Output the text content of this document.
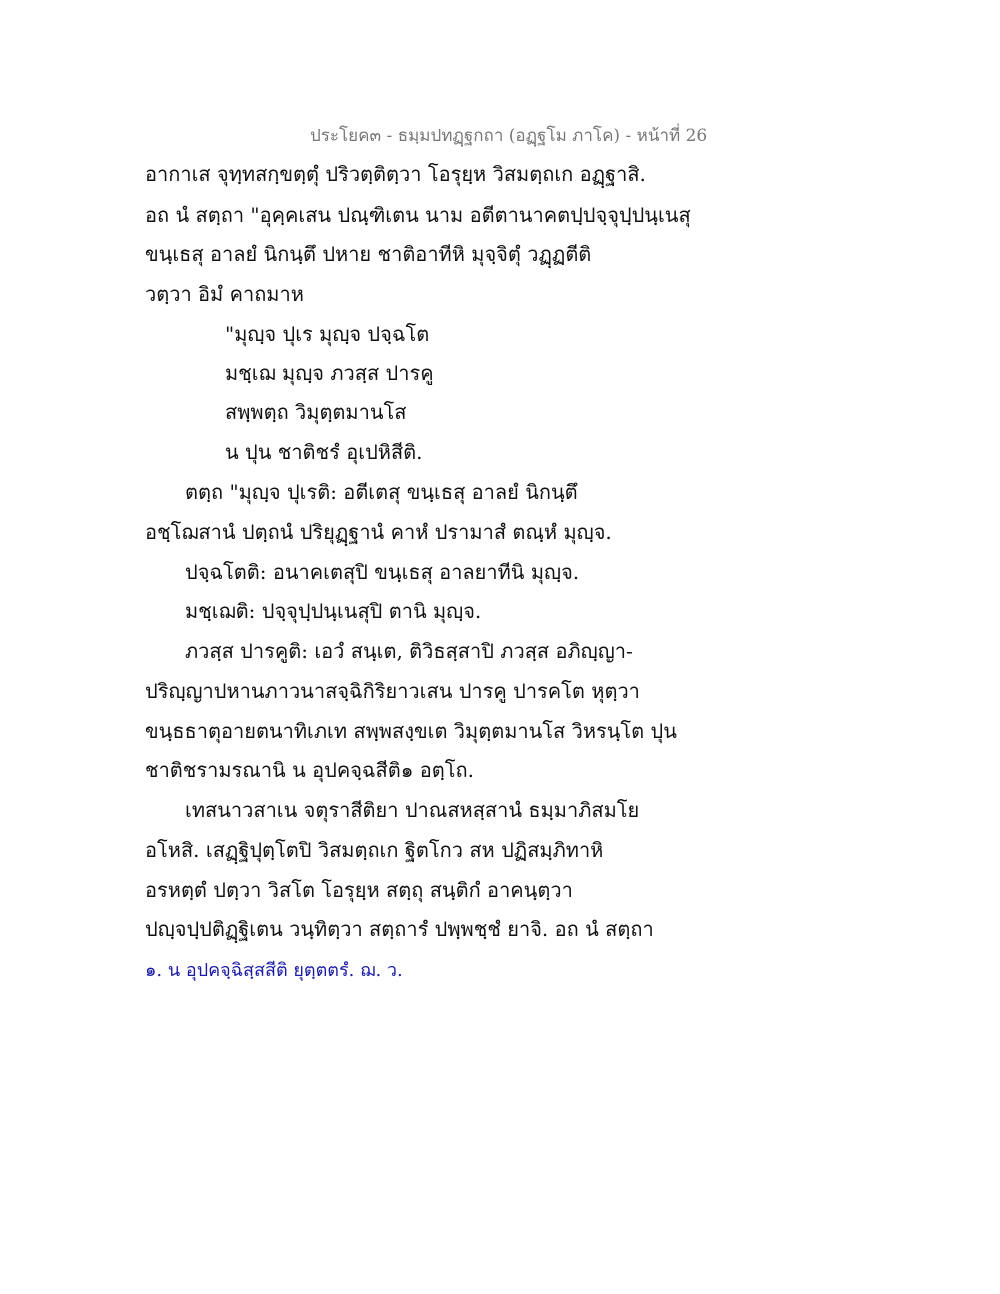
ประโยค๓ - ธมฺมปทฏฺฐกถา (อฏฺฐโม ภาโค) - หน้าที่ 26
อากาเส จุทฺทสกฺขตฺตุํ ปริวตฺติตฺวา โอรุยฺห วิสมตฺถเก อฏฺฐาสิ.
อถ นํ สตฺถา "อุคฺคเสน ปณฺฑิเตน นาม อตีตานาคตปฺปจฺจุปฺปนฺเนสุ
ขนฺเธสุ อาลยํ นิกนฺตึ ปหาย ชาติอาทีหิ มุจฺจิตุํ วฏฺฏตีติ
วตฺวา อิมํ คาถมาห
"มุญฺจ ปุเร มุญฺจ ปจฺฉโต
มชฺเฌ มุญฺจ ภวสฺส ปารคู
สพฺพตฺถ วิมุตฺตมานโส
น ปุน ชาติชรํ อุเปหิสีติ.
ตตฺถ "มุญฺจ ปุเรติ: อตีเตสุ ขนฺเธสุ อาลยํ นิกนฺตึ
อชฺโฌสานํ ปตฺถนํ ปริยุฏฺฐานํ คาหํ ปรามาสํ ตณฺหํ มุญฺจ.
ปจฺฉโตติ: อนาคเตสุปิ ขนฺเธสุ อาลยาทีนิ มุญฺจ.
มชฺเฌติ: ปจฺจุปฺปนฺเนสุปิ ตานิ มุญฺจ.
ภวสฺส ปารคูติ: เอวํ สนฺเต, ติวิธสฺสาปิ ภวสฺส อภิญฺญา-
ปริญฺญาปหานภาวนาสจฺฉิกิริยาวเสน ปารคู ปารคโต หุตฺวา
ขนฺธธาตุอายตนาทิเภเท สพฺพสงฺขเต วิมุตฺตมานโส วิหรนฺโต ปุน
ชาติชรามรณานิ น อุปคจฺฉสีติ๑ อตฺโถ.
เทสนาวสาเน จตุราสีติยา ปาณสหสฺสานํ ธมฺมาภิสมโย
อโหสิ. เสฏฺฐิปุตฺโตปิ วิสมตฺถเก ฐิตโกว สห ปฏิสมฺภิทาหิ
อรหตฺตํ ปตฺวา วิสโต โอรุยฺห สตฺถุ สนฺติกํ อาคนฺตฺวา
ปญฺจปฺปติฏฺฐิเตน วนฺทิตฺวา สตฺถารํ ปพฺพชฺชํ ยาจิ. อถ นํ สตฺถา
๑. น อุปคจฺฉิสฺสสีติ ยุตฺตตรํ. ฌ. ว.
